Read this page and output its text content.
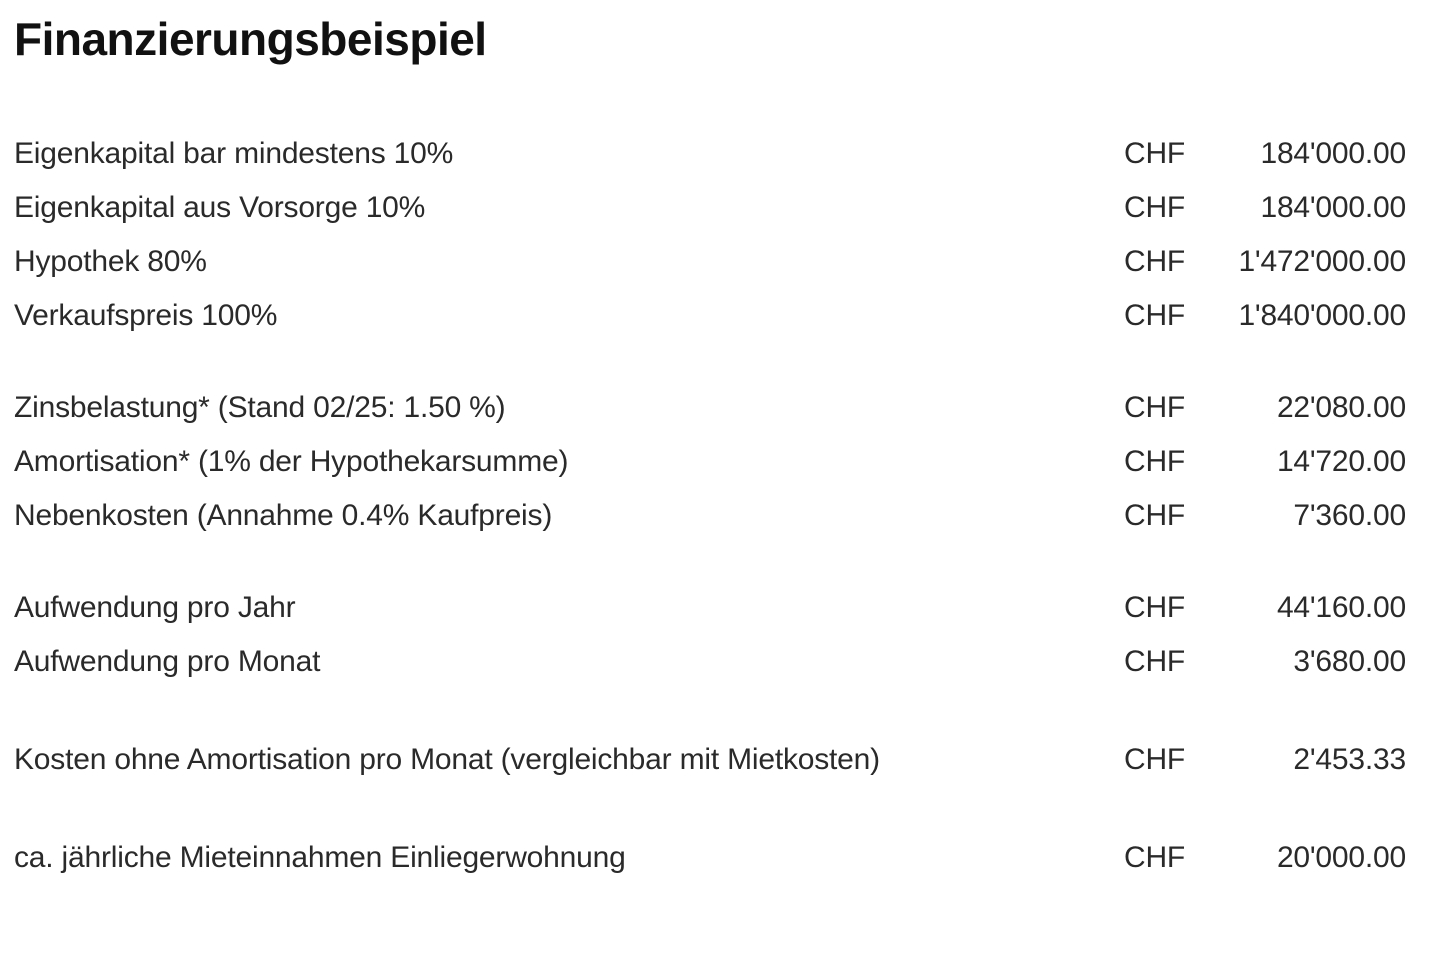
Finanzierungsbeispiel
Eigenkapital bar mindestens 10%	CHF	184'000.00
Eigenkapital aus Vorsorge 10%	CHF	184'000.00
Hypothek 80%	CHF	1'472'000.00
Verkaufspreis 100%	CHF	1'840'000.00
Zinsbelastung* (Stand 02/25: 1.50 %)	CHF	22'080.00
Amortisation* (1% der Hypothekarsumme)	CHF	14'720.00
Nebenkosten (Annahme 0.4% Kaufpreis)	CHF	7'360.00
Aufwendung pro Jahr	CHF	44'160.00
Aufwendung pro Monat	CHF	3'680.00
Kosten ohne Amortisation pro Monat (vergleichbar mit Mietkosten)	CHF	2'453.33
ca. jährliche Mieteinnahmen Einliegerwohnung	CHF	20'000.00
